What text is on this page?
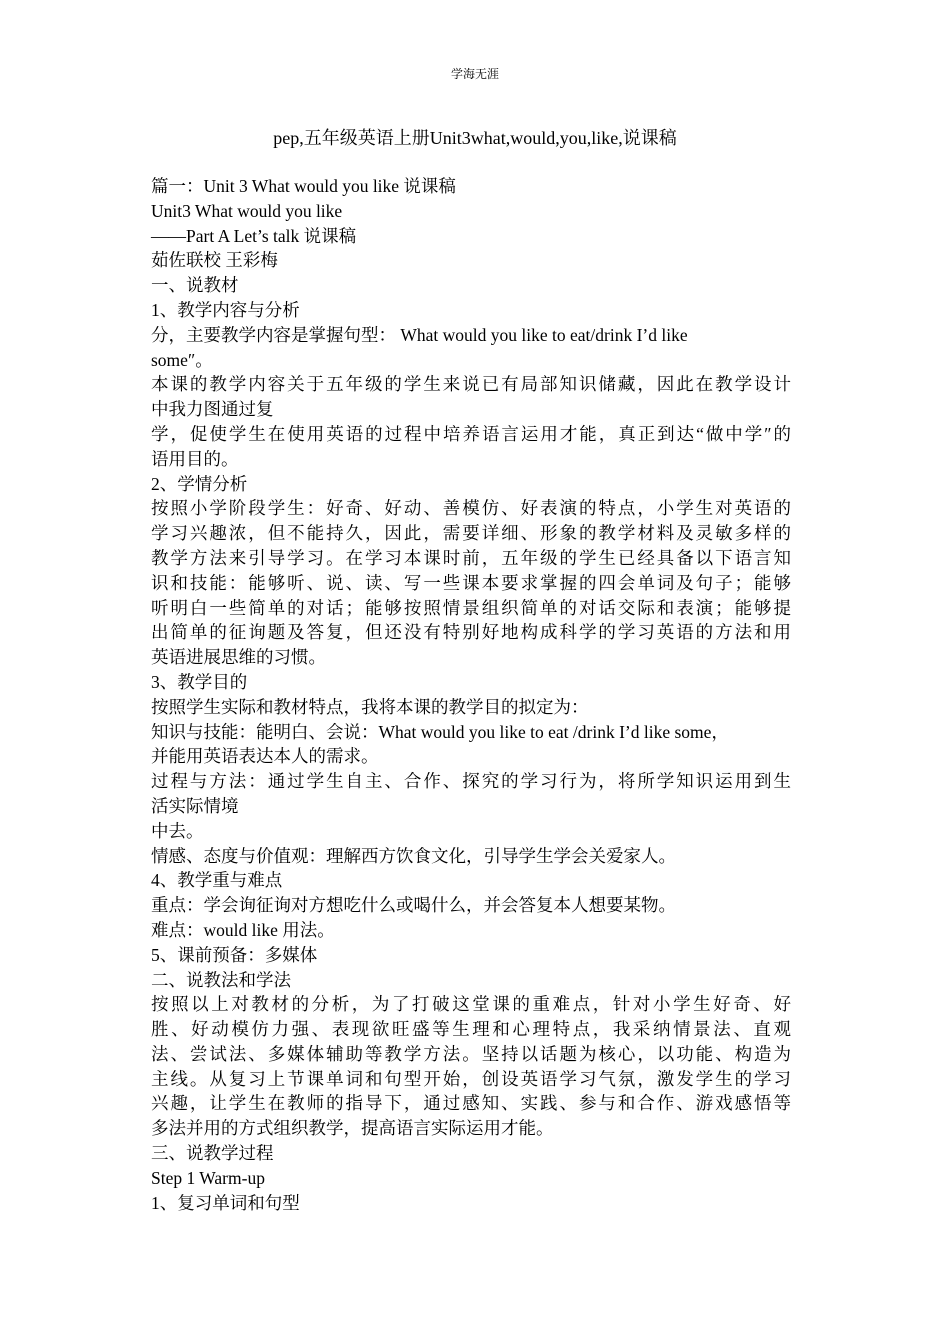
学海无涯
pep,五年级英语上册Unit3what,would,you,like,说课稿

篇一：Unit 3 What would you like 说课稿

Unit3 What would you like

——Part A Let’s talk 说课稿

茹佐联校 王彩梅

一、说教材

1、教学内容与分析

分，主要教学内容是掌握句型： What would you like to eat/drink I’d like

some″。

本课的教学内容关于五年级的学生来说已有局部知识储藏，因此在教学设计

中我力图通过复

学，促使学生在使用英语的过程中培养语言运用才能，真正到达“做中学″的

语用目的。

2、学情分析

按照小学阶段学生：好奇、好动、善模仿、好表演的特点，小学生对英语的

学习兴趣浓，但不能持久，因此，需要详细、形象的教学材料及灵敏多样的

教学方法来引导学习。在学习本课时前，五年级的学生已经具备以下语言知

识和技能：能够听、说、读、写一些课本要求掌握的四会单词及句子；能够

听明白一些简单的对话；能够按照情景组织简单的对话交际和表演；能够提

出简单的征询题及答复，但还没有特别好地构成科学的学习英语的方法和用

英语进展思维的习惯。

3、教学目的

按照学生实际和教材特点，我将本课的教学目的拟定为：

知识与技能：能明白、会说：What would you like to eat /drink I’d like some，

并能用英语表达本人的需求。

过程与方法：通过学生自主、合作、探究的学习行为，将所学知识运用到生

活实际情境

中去。

情感、态度与价值观：理解西方饮食文化，引导学生学会关爱家人。

4、教学重与难点

重点：学会询征询对方想吃什么或喝什么，并会答复本人想要某物。

难点：would like 用法。

5、课前预备：多媒体

二、说教法和学法

按照以上对教材的分析，为了打破这堂课的重难点，针对小学生好奇、好

胜、好动模仿力强、表现欲旺盛等生理和心理特点，我采纳情景法、直观

法、尝试法、多媒体辅助等教学方法。坚持以话题为核心，以功能、构造为

主线。从复习上节课单词和句型开始，创设英语学习气氛，激发学生的学习

兴趣，让学生在教师的指导下，通过感知、实践、参与和合作、游戏感悟等

多法并用的方式组织教学，提高语言实际运用才能。

三、说教学过程

Step 1 Warm-up

1、复习单词和句型
